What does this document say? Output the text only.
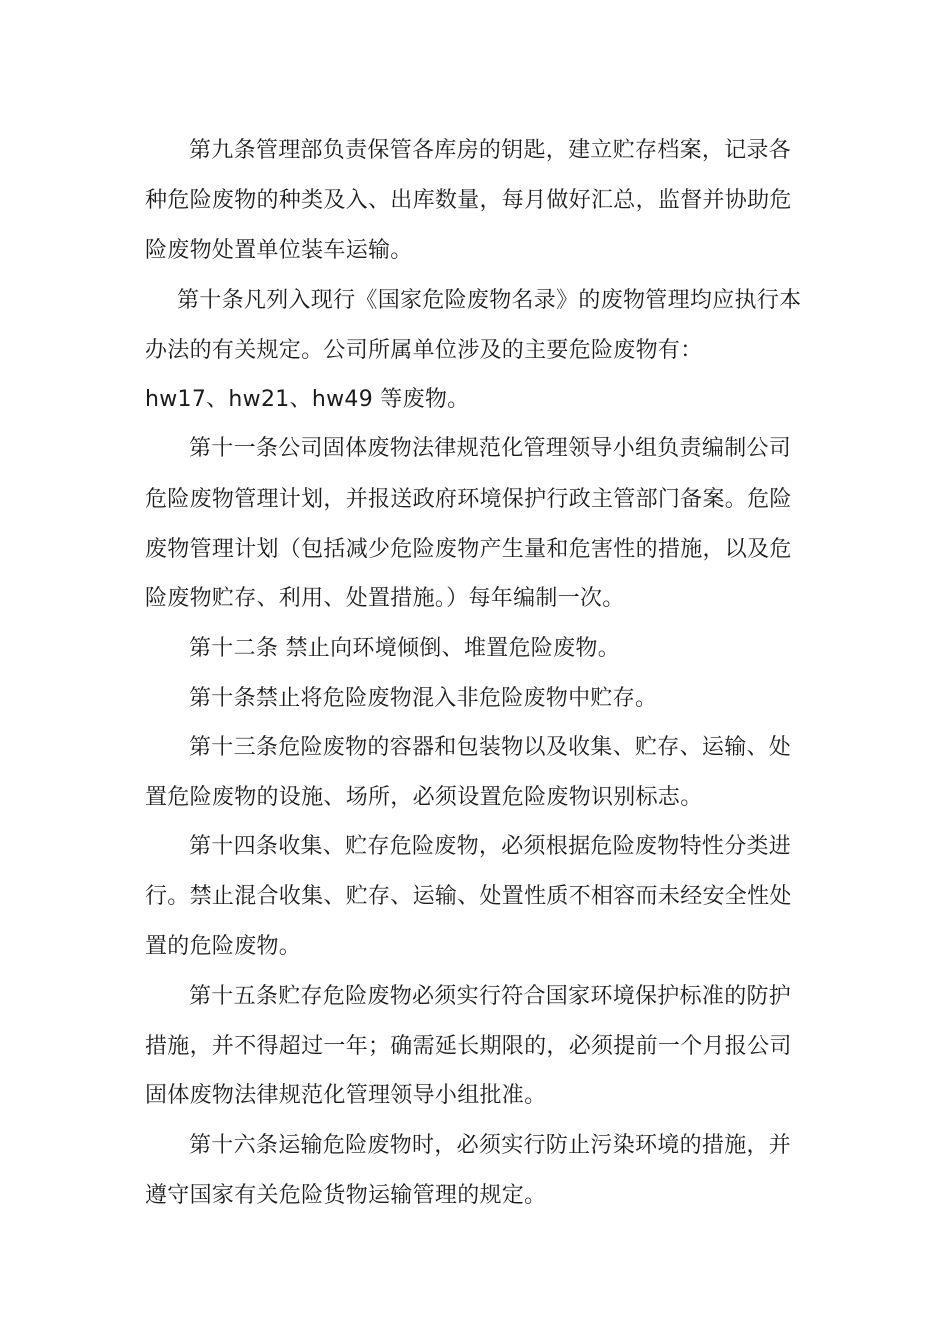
第九条管理部负责保管各库房的钥匙，建立贮存档案，记录各
种危险废物的种类及入、出库数量，每月做好汇总，监督并协助危
险废物处置单位装车运输。
第十条凡列入现行《国家危险废物名录》的废物管理均应执行本
办法的有关规定。公司所属单位涉及的主要危险废物有：
hw17、hw21、hw49 等废物。
第十一条公司固体废物法律规范化管理领导小组负责编制公司
危险废物管理计划，并报送政府环境保护行政主管部门备案。危险
废物管理计划（包括减少危险废物产生量和危害性的措施，以及危
险废物贮存、利用、处置措施。）每年编制一次。
第十二条 禁止向环境倾倒、堆置危险废物。
第十条禁止将危险废物混入非危险废物中贮存。
第十三条危险废物的容器和包装物以及收集、贮存、运输、处
置危险废物的设施、场所，必须设置危险废物识别标志。
第十四条收集、贮存危险废物，必须根据危险废物特性分类进
行。禁止混合收集、贮存、运输、处置性质不相容而未经安全性处
置的危险废物。
第十五条贮存危险废物必须实行符合国家环境保护标准的防护
措施，并不得超过一年；确需延长期限的，必须提前一个月报公司
固体废物法律规范化管理领导小组批准。
第十六条运输危险废物时，必须实行防止污染环境的措施，并
遵守国家有关危险货物运输管理的规定。
